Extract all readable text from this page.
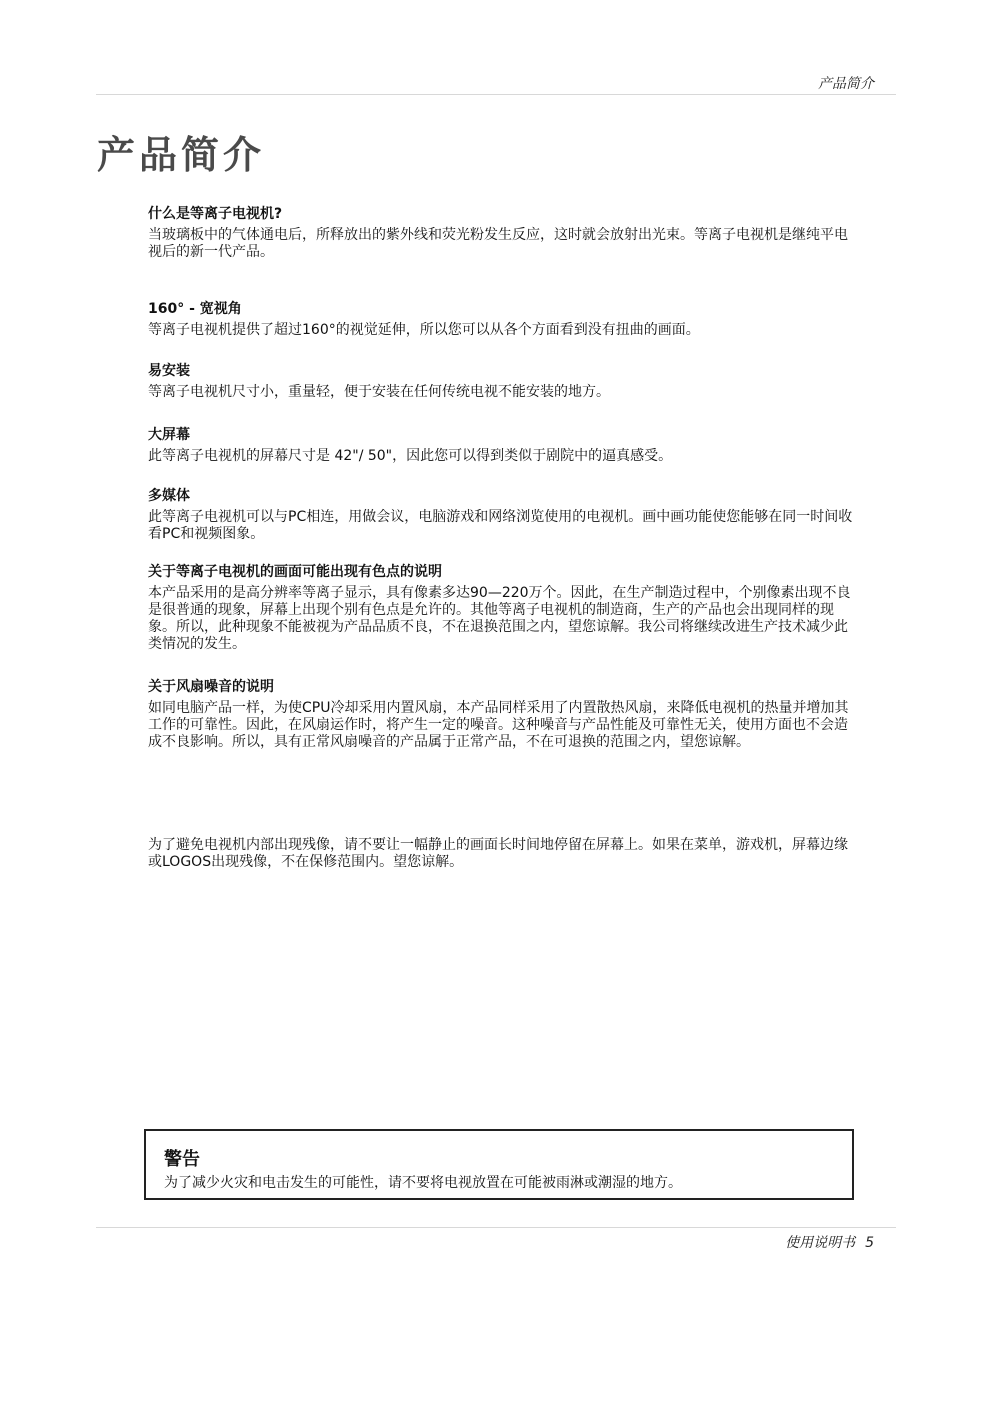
产品简介
产品简介
什么是等离子电视机?

当玻璃板中的气体通电后，所释放出的紫外线和荧光粉发生反应，这时就会放射出光束。等离子电视机是继纯平电视后的新一代产品。

160° - 宽视角

等离子电视机提供了超过160°的视觉延伸，所以您可以从各个方面看到没有扭曲的画面。

易安装

等离子电视机尺寸小，重量轻，便于安装在任何传统电视不能安装的地方。

大屏幕

此等离子电视机的屏幕尺寸是 42"/ 50"，因此您可以得到类似于剧院中的逼真感受。

多媒体

此等离子电视机可以与PC相连，用做会议，电脑游戏和网络浏览使用的电视机。画中画功能使您能够在同一时间收看PC和视频图象。

关于等离子电视机的画面可能出现有色点的说明

本产品采用的是高分辨率等离子显示，具有像素多达90—220万个。因此，在生产制造过程中，个别像素出现不良是很普通的现象，屏幕上出现个别有色点是允许的。其他等离子电视机的制造商，生产的产品也会出现同样的现象。所以，此种现象不能被视为产品品质不良，不在退换范围之内，望您谅解。我公司将继续改进生产技术减少此类情况的发生。

关于风扇噪音的说明

如同电脑产品一样，为使CPU冷却采用内置风扇，本产品同样采用了内置散热风扇，来降低电视机的热量并增加其工作的可靠性。因此，在风扇运作时，将产生一定的噪音。这种噪音与产品性能及可靠性无关，使用方面也不会造成不良影响。所以，具有正常风扇噪音的产品属于正常产品，不在可退换的范围之内，望您谅解。

为了避免电视机内部出现残像，请不要让一幅静止的画面长时间地停留在屏幕上。如果在菜单，游戏机，屏幕边缘或LOGOS出现残像，不在保修范围内。望您谅解。

警告
为了减少火灾和电击发生的可能性，请不要将电视放置在可能被雨淋或潮湿的地方。
使用说明书 5
